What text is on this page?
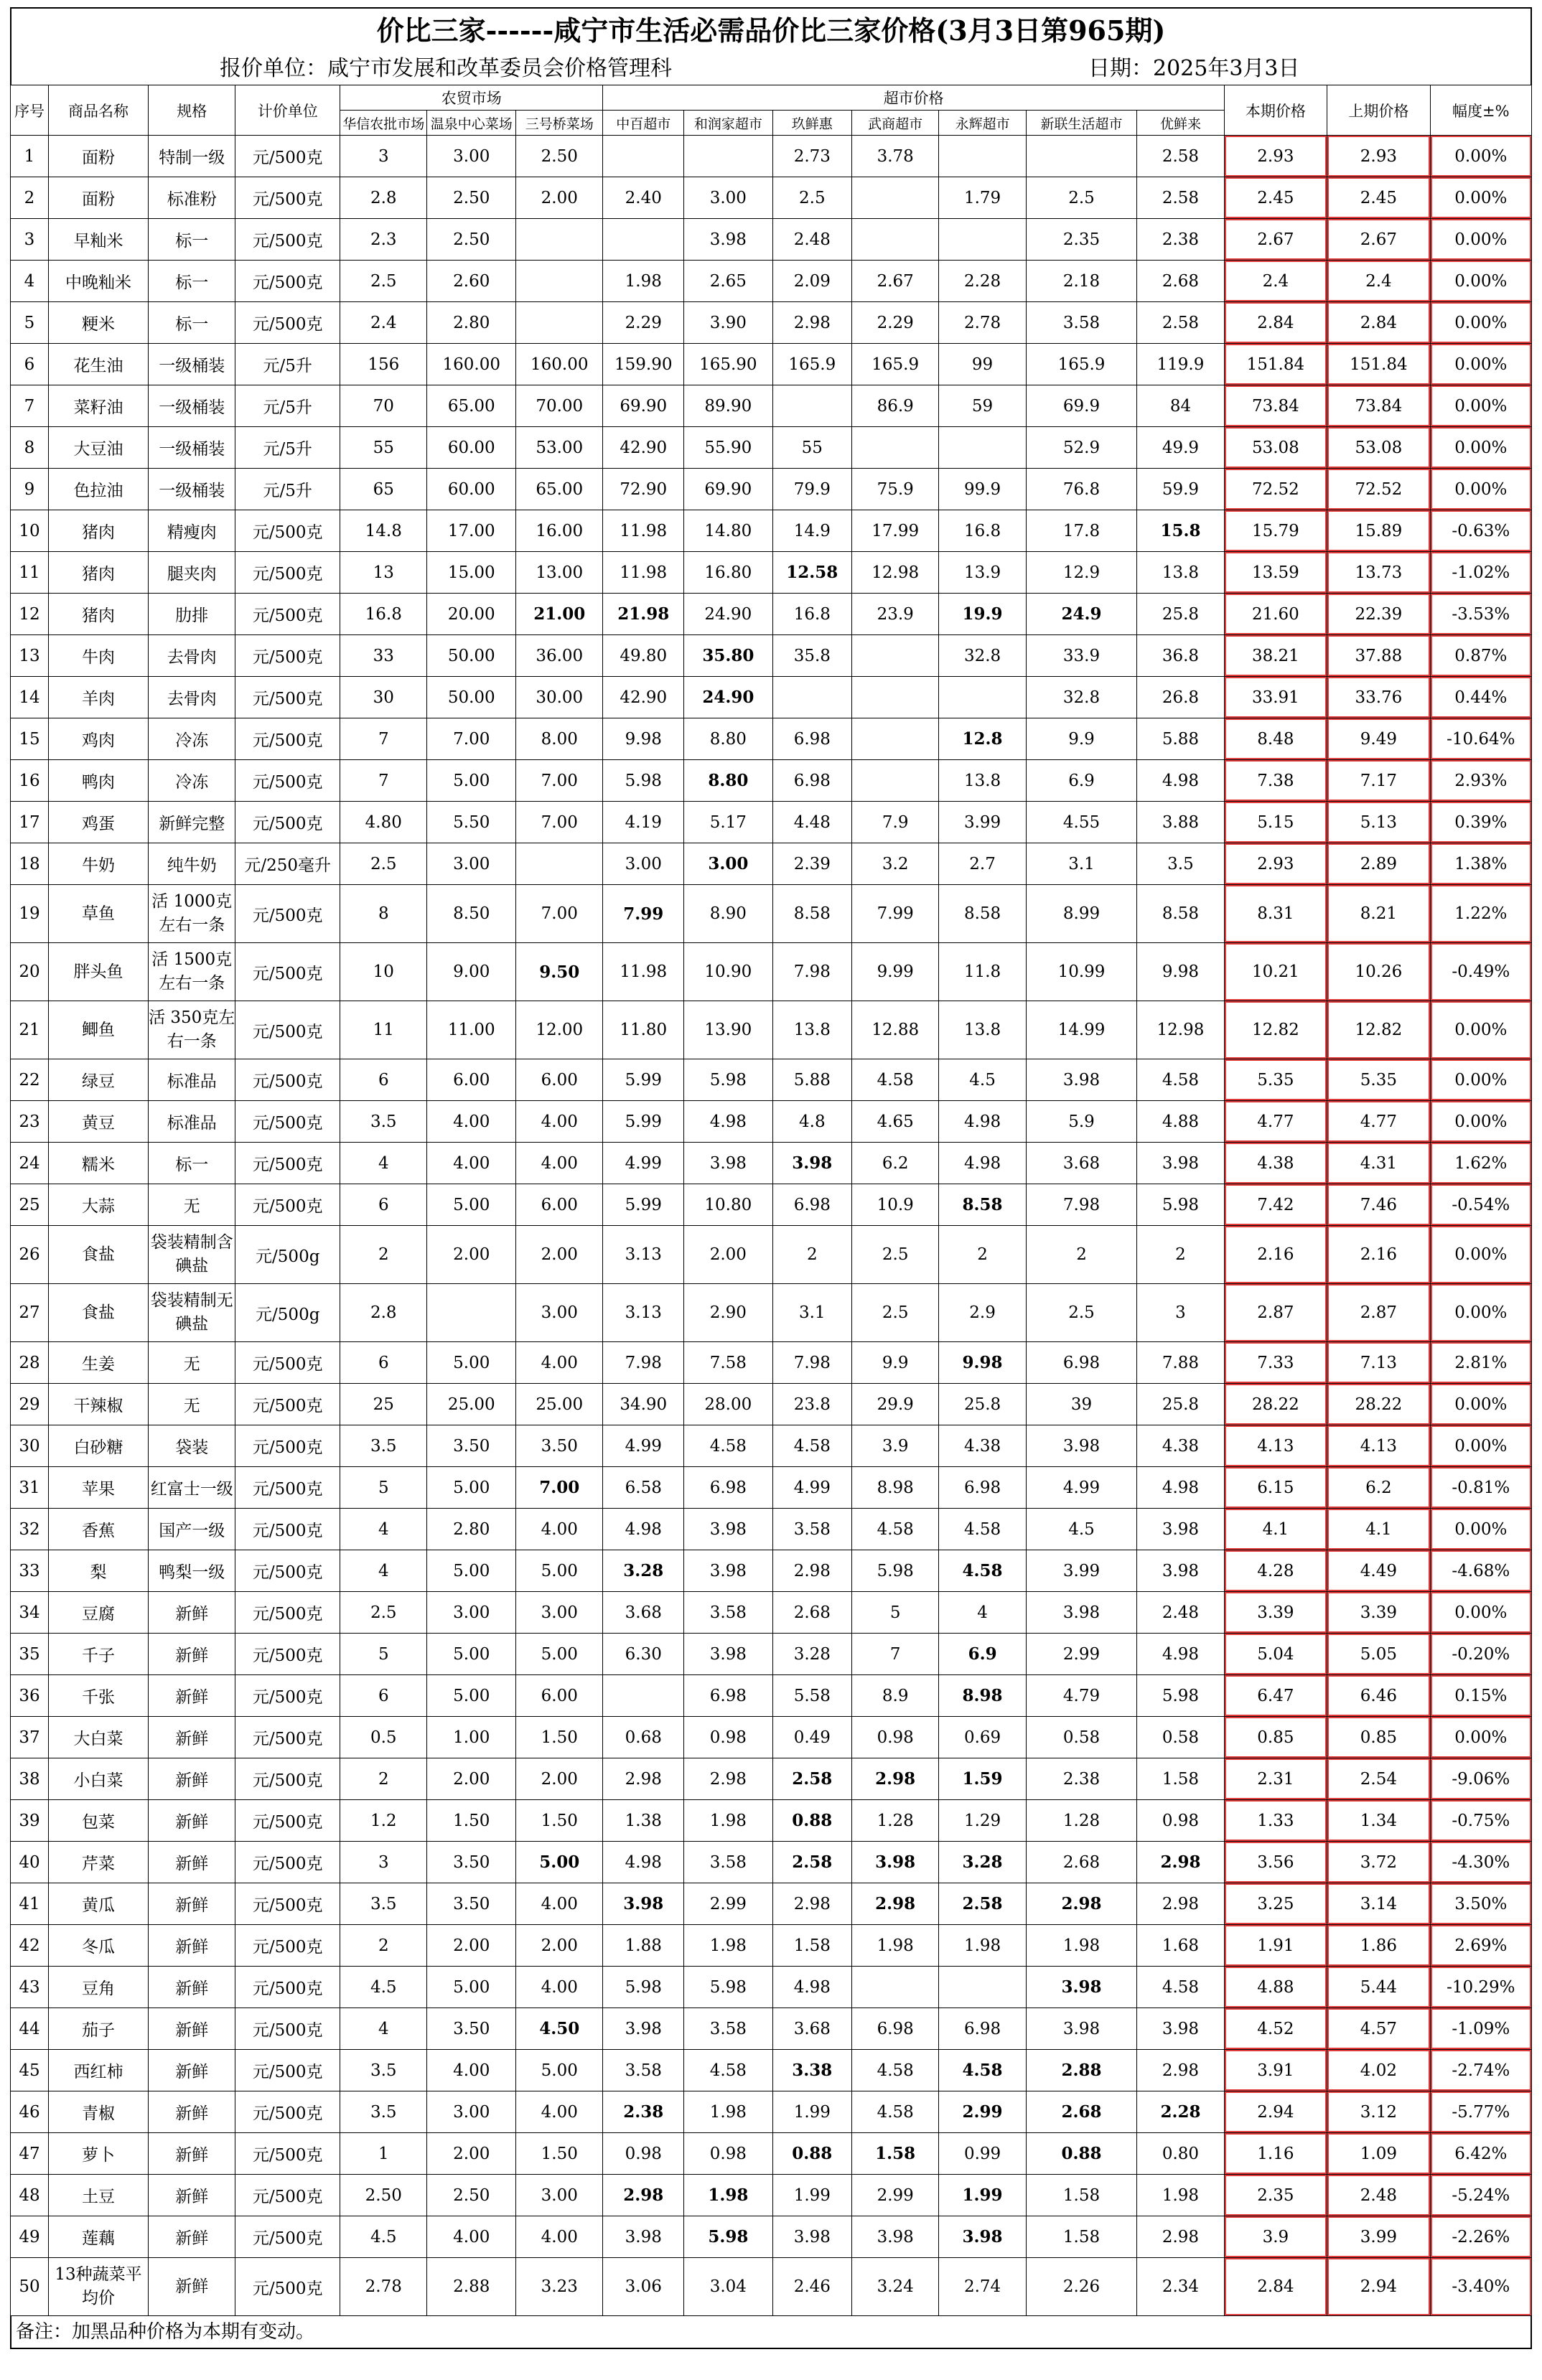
价比三家------咸宁市生活必需品价比三家价格(3月3日第965期)
报价单位：咸宁市发展和改革委员会价格管理科	日期：2025年3月3日
序号	商品名称	规格	计价单位	农贸市场			超市价格							本期价格	上期价格	幅度±%
				华信农批市场	温泉中心菜场	三号桥菜场	中百超市	和润家超市	玖鲜惠	武商超市	永辉超市	新联生活超市	优鲜来			
1	面粉	特制一级	元/500克	3	3.00	2.50			2.73	3.78			2.58	2.93	2.93	0.00%
2	面粉	标准粉	元/500克	2.8	2.50	2.00	2.40	3.00	2.5		1.79	2.5	2.58	2.45	2.45	0.00%
3	早籼米	标一	元/500克	2.3	2.50			3.98	2.48			2.35	2.38	2.67	2.67	0.00%
4	中晚籼米	标一	元/500克	2.5	2.60		1.98	2.65	2.09	2.67	2.28	2.18	2.68	2.4	2.4	0.00%
5	粳米	标一	元/500克	2.4	2.80		2.29	3.90	2.98	2.29	2.78	3.58	2.58	2.84	2.84	0.00%
6	花生油	一级桶装	元/5升	156	160.00	160.00	159.90	165.90	165.9	165.9	99	165.9	119.9	151.84	151.84	0.00%
7	菜籽油	一级桶装	元/5升	70	65.00	70.00	69.90	89.90		86.9	59	69.9	84	73.84	73.84	0.00%
8	大豆油	一级桶装	元/5升	55	60.00	53.00	42.90	55.90	55			52.9	49.9	53.08	53.08	0.00%
9	色拉油	一级桶装	元/5升	65	60.00	65.00	72.90	69.90	79.9	75.9	99.9	76.8	59.9	72.52	72.52	0.00%
10	猪肉	精瘦肉	元/500克	14.8	17.00	16.00	11.98	14.80	14.9	17.99	16.8	17.8	15.8	15.79	15.89	-0.63%
11	猪肉	腿夹肉	元/500克	13	15.00	13.00	11.98	16.80	12.58	12.98	13.9	12.9	13.8	13.59	13.73	-1.02%
12	猪肉	肋排	元/500克	16.8	20.00	21.00	21.98	24.90	16.8	23.9	19.9	24.9	25.8	21.60	22.39	-3.53%
13	牛肉	去骨肉	元/500克	33	50.00	36.00	49.80	35.80	35.8		32.8	33.9	36.8	38.21	37.88	0.87%
14	羊肉	去骨肉	元/500克	30	50.00	30.00	42.90	24.90				32.8	26.8	33.91	33.76	0.44%
15	鸡肉	冷冻	元/500克	7	7.00	8.00	9.98	8.80	6.98		12.8	9.9	5.88	8.48	9.49	-10.64%
16	鸭肉	冷冻	元/500克	7	5.00	7.00	5.98	8.80	6.98		13.8	6.9	4.98	7.38	7.17	2.93%
17	鸡蛋	新鲜完整	元/500克	4.80	5.50	7.00	4.19	5.17	4.48	7.9	3.99	4.55	3.88	5.15	5.13	0.39%
18	牛奶	纯牛奶	元/250毫升	2.5	3.00		3.00	3.00	2.39	3.2	2.7	3.1	3.5	2.93	2.89	1.38%
19	草鱼	活 1000克左右一条	元/500克	8	8.50	7.00	7.99	8.90	8.58	7.99	8.58	8.99	8.58	8.31	8.21	1.22%
20	胖头鱼	活 1500克左右一条	元/500克	10	9.00	9.50	11.98	10.90	7.98	9.99	11.8	10.99	9.98	10.21	10.26	-0.49%
21	鲫鱼	活 350克左右一条	元/500克	11	11.00	12.00	11.80	13.90	13.8	12.88	13.8	14.99	12.98	12.82	12.82	0.00%
22	绿豆	标准品	元/500克	6	6.00	6.00	5.99	5.98	5.88	4.58	4.5	3.98	4.58	5.35	5.35	0.00%
23	黄豆	标准品	元/500克	3.5	4.00	4.00	5.99	4.98	4.8	4.65	4.98	5.9	4.88	4.77	4.77	0.00%
24	糯米	标一	元/500克	4	4.00	4.00	4.99	3.98	3.98	6.2	4.98	3.68	3.98	4.38	4.31	1.62%
25	大蒜	无	元/500克	6	5.00	6.00	5.99	10.80	6.98	10.9	8.58	7.98	5.98	7.42	7.46	-0.54%
26	食盐	袋装精制含碘盐	元/500g	2	2.00	2.00	3.13	2.00	2	2.5	2	2	2	2.16	2.16	0.00%
27	食盐	袋装精制无碘盐	元/500g	2.8		3.00	3.13	2.90	3.1	2.5	2.9	2.5	3	2.87	2.87	0.00%
28	生姜	无	元/500克	6	5.00	4.00	7.98	7.58	7.98	9.9	9.98	6.98	7.88	7.33	7.13	2.81%
29	干辣椒	无	元/500克	25	25.00	25.00	34.90	28.00	23.8	29.9	25.8	39	25.8	28.22	28.22	0.00%
30	白砂糖	袋装	元/500克	3.5	3.50	3.50	4.99	4.58	4.58	3.9	4.38	3.98	4.38	4.13	4.13	0.00%
31	苹果	红富士一级	元/500克	5	5.00	7.00	6.58	6.98	4.99	8.98	6.98	4.99	4.98	6.15	6.2	-0.81%
32	香蕉	国产一级	元/500克	4	2.80	4.00	4.98	3.98	3.58	4.58	4.58	4.5	3.98	4.1	4.1	0.00%
33	梨	鸭梨一级	元/500克	4	5.00	5.00	3.28	3.98	2.98	5.98	4.58	3.99	3.98	4.28	4.49	-4.68%
34	豆腐	新鲜	元/500克	2.5	3.00	3.00	3.68	3.58	2.68	5	4	3.98	2.48	3.39	3.39	0.00%
35	千子	新鲜	元/500克	5	5.00	5.00	6.30	3.98	3.28	7	6.9	2.99	4.98	5.04	5.05	-0.20%
36	千张	新鲜	元/500克	6	5.00	6.00		6.98	5.58	8.9	8.98	4.79	5.98	6.47	6.46	0.15%
37	大白菜	新鲜	元/500克	0.5	1.00	1.50	0.68	0.98	0.49	0.98	0.69	0.58	0.58	0.85	0.85	0.00%
38	小白菜	新鲜	元/500克	2	2.00	2.00	2.98	2.98	2.58	2.98	1.59	2.38	1.58	2.31	2.54	-9.06%
39	包菜	新鲜	元/500克	1.2	1.50	1.50	1.38	1.98	0.88	1.28	1.29	1.28	0.98	1.33	1.34	-0.75%
40	芹菜	新鲜	元/500克	3	3.50	5.00	4.98	3.58	2.58	3.98	3.28	2.68	2.98	3.56	3.72	-4.30%
41	黄瓜	新鲜	元/500克	3.5	3.50	4.00	3.98	2.99	2.98	2.98	2.58	2.98	2.98	3.25	3.14	3.50%
42	冬瓜	新鲜	元/500克	2	2.00	2.00	1.88	1.98	1.58	1.98	1.98	1.98	1.68	1.91	1.86	2.69%
43	豆角	新鲜	元/500克	4.5	5.00	4.00	5.98	5.98	4.98			3.98	4.58	4.88	5.44	-10.29%
44	茄子	新鲜	元/500克	4	3.50	4.50	3.98	3.58	3.68	6.98	6.98	3.98	3.98	4.52	4.57	-1.09%
45	西红柿	新鲜	元/500克	3.5	4.00	5.00	3.58	4.58	3.38	4.58	4.58	2.88	2.98	3.91	4.02	-2.74%
46	青椒	新鲜	元/500克	3.5	3.00	4.00	2.38	1.98	1.99	4.58	2.99	2.68	2.28	2.94	3.12	-5.77%
47	萝卜	新鲜	元/500克	1	2.00	1.50	0.98	0.98	0.88	1.58	0.99	0.88	0.80	1.16	1.09	6.42%
48	土豆	新鲜	元/500克	2.50	2.50	3.00	2.98	1.98	1.99	2.99	1.99	1.58	1.98	2.35	2.48	-5.24%
49	莲藕	新鲜	元/500克	4.5	4.00	4.00	3.98	5.98	3.98	3.98	3.98	1.58	2.98	3.9	3.99	-2.26%
50	13种蔬菜平均价	新鲜	元/500克	2.78	2.88	3.23	3.06	3.04	2.46	3.24	2.74	2.26	2.34	2.84	2.94	-3.40%
备注：加黑品种价格为本期有变动。
